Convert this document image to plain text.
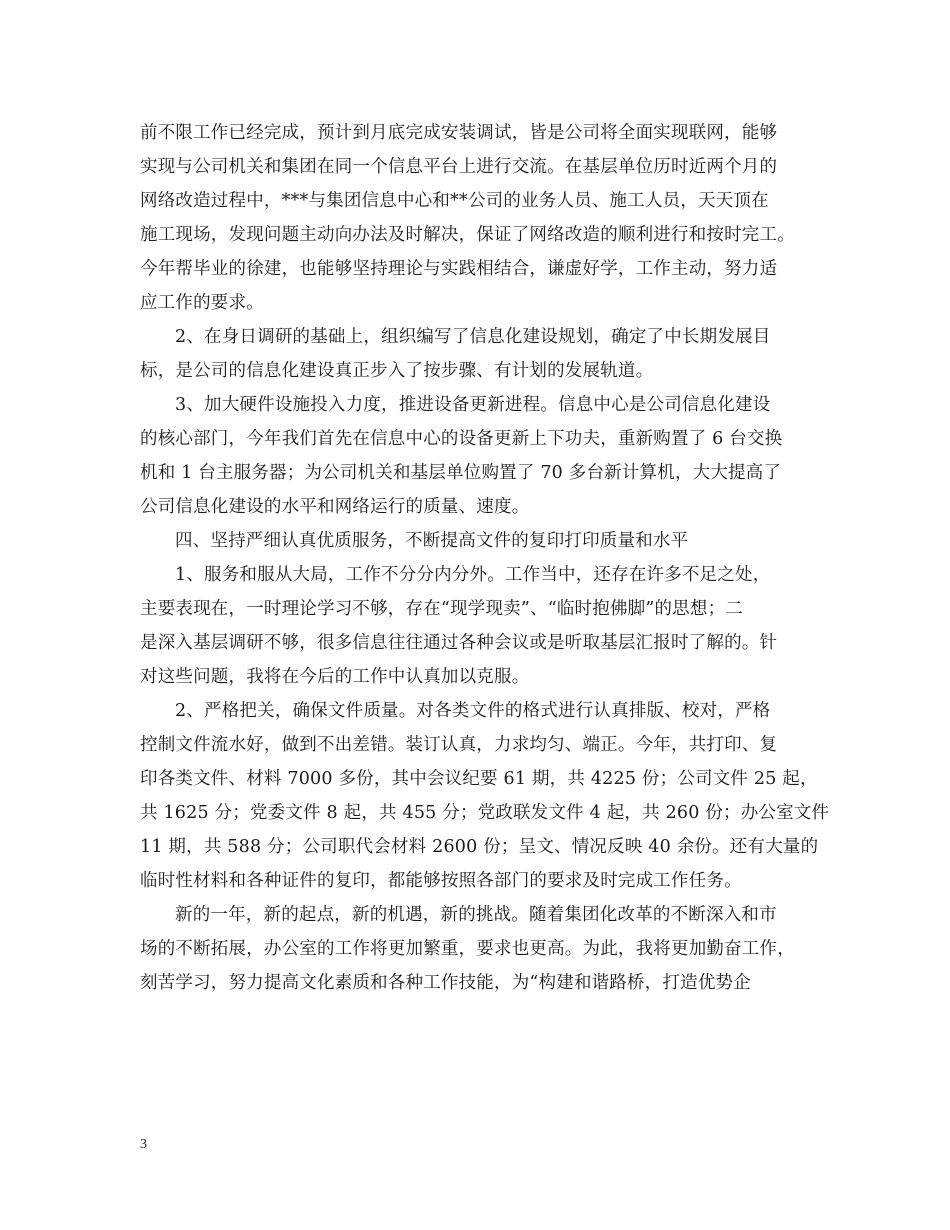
前不限工作已经完成，预计到月底完成安装调试，皆是公司将全面实现联网，能够
实现与公司机关和集团在同一个信息平台上进行交流。在基层单位历时近两个月的
网络改造过程中，***与集团信息中心和**公司的业务人员、施工人员，天天顶在
施工现场，发现问题主动向办法及时解决，保证了网络改造的顺利进行和按时完工。
今年帮毕业的徐建，也能够坚持理论与实践相结合，谦虚好学，工作主动，努力适
应工作的要求。
2、在身日调研的基础上，组织编写了信息化建设规划，确定了中长期发展目
标，是公司的信息化建设真正步入了按步骤、有计划的发展轨道。
3、加大硬件设施投入力度，推进设备更新进程。信息中心是公司信息化建设
的核心部门，今年我们首先在信息中心的设备更新上下功夫，重新购置了 6 台交换
机和 1 台主服务器；为公司机关和基层单位购置了 70 多台新计算机，大大提高了
公司信息化建设的水平和网络运行的质量、速度。
四、坚持严细认真优质服务，不断提高文件的复印打印质量和水平
1、服务和服从大局，工作不分分内分外。工作当中，还存在许多不足之处，
主要表现在，一时理论学习不够，存在“现学现卖”、“临时抱佛脚”的思想；二
是深入基层调研不够，很多信息往往通过各种会议或是听取基层汇报时了解的。针
对这些问题，我将在今后的工作中认真加以克服。
2、严格把关，确保文件质量。对各类文件的格式进行认真排版、校对，严格
控制文件流水好，做到不出差错。装订认真，力求均匀、端正。今年，共打印、复
印各类文件、材料 7000 多份，其中会议纪要 61 期，共 4225 份；公司文件 25 起，
共 1625 分；党委文件 8 起，共 455 分；党政联发文件 4 起，共 260 份；办公室文件
11 期，共 588 分；公司职代会材料 2600 份；呈文、情况反映 40 余份。还有大量的
临时性材料和各种证件的复印，都能够按照各部门的要求及时完成工作任务。
新的一年，新的起点，新的机遇，新的挑战。随着集团化改革的不断深入和市
场的不断拓展，办公室的工作将更加繁重，要求也更高。为此，我将更加勤奋工作，
刻苦学习，努力提高文化素质和各种工作技能，为“构建和谐路桥，打造优势企
3
